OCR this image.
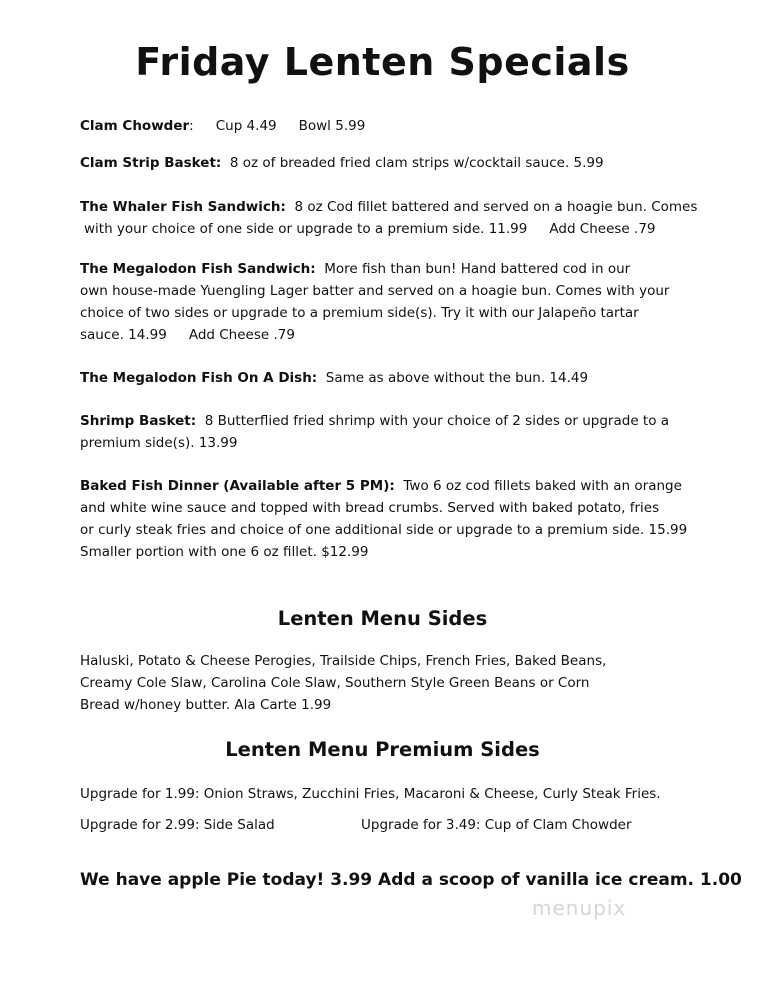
Friday Lenten Specials
Clam Chowder: Cup 4.49 Bowl 5.99
Clam Strip Basket: 8 oz of breaded fried clam strips w/cocktail sauce. 5.99
The Whaler Fish Sandwich: 8 oz Cod fillet battered and served on a hoagie bun. Comes
with your choice of one side or upgrade to a premium side. 11.99 Add Cheese .79
The Megalodon Fish Sandwich: More fish than bun! Hand battered cod in our
own house-made Yuengling Lager batter and served on a hoagie bun. Comes with your
choice of two sides or upgrade to a premium side(s). Try it with our Jalapeño tartar
sauce. 14.99 Add Cheese .79
The Megalodon Fish On A Dish: Same as above without the bun. 14.49
Shrimp Basket: 8 Butterflied fried shrimp with your choice of 2 sides or upgrade to a
premium side(s). 13.99
Baked Fish Dinner (Available after 5 PM): Two 6 oz cod fillets baked with an orange
and white wine sauce and topped with bread crumbs. Served with baked potato, fries
or curly steak fries and choice of one additional side or upgrade to a premium side. 15.99
Smaller portion with one 6 oz fillet. $12.99
Lenten Menu Sides
Haluski, Potato & Cheese Perogies, Trailside Chips, French Fries, Baked Beans,
Creamy Cole Slaw, Carolina Cole Slaw, Southern Style Green Beans or Corn
Bread w/honey butter. Ala Carte 1.99
Lenten Menu Premium Sides
Upgrade for 1.99: Onion Straws, Zucchini Fries, Macaroni & Cheese, Curly Steak Fries.
Upgrade for 2.99: Side Salad	Upgrade for 3.49: Cup of Clam Chowder
We have apple Pie today! 3.99 Add a scoop of vanilla ice cream. 1.00
menupix
